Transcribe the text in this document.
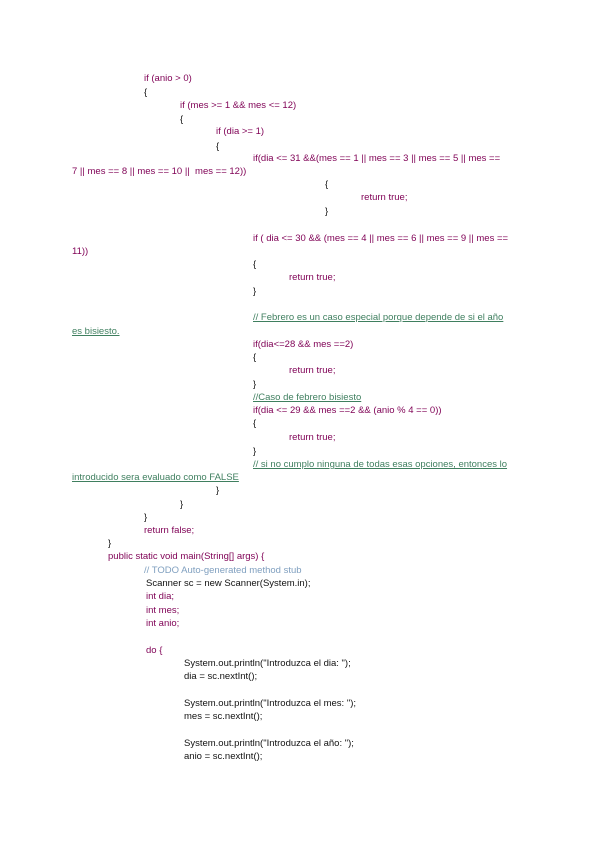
if (anio > 0)
{
if (mes >= 1 && mes <= 12)
{
if (dia >= 1)
{
if(dia <= 31 &&(mes == 1 || mes == 3 || mes == 5 || mes ==
7 || mes == 8 || mes == 10 ||  mes == 12))
{
return true;
}
if ( dia <= 30 && (mes == 4 || mes == 6 || mes == 9 || mes ==
11))
{
return true;
}
// Febrero es un caso especial porque depende de si el año
es bisiesto.
if(dia<=28 && mes ==2)
{
return true;
}
//Caso de febrero bisiesto
if(dia <= 29 && mes ==2 && (anio % 4 == 0))
{
return true;
}
// si no cumplo ninguna de todas esas opciones, entonces lo
introducido sera evaluado como FALSE
}
}
}
return false;
}
public static void main(String[] args) {
// TODO Auto-generated method stub
Scanner sc = new Scanner(System.in);
int dia;
int mes;
int anio;
do {
System.out.println("Introduzca el dia: ");
dia = sc.nextInt();
System.out.println("Introduzca el mes: ");
mes = sc.nextInt();
System.out.println("Introduzca el año: ");
anio = sc.nextInt();
